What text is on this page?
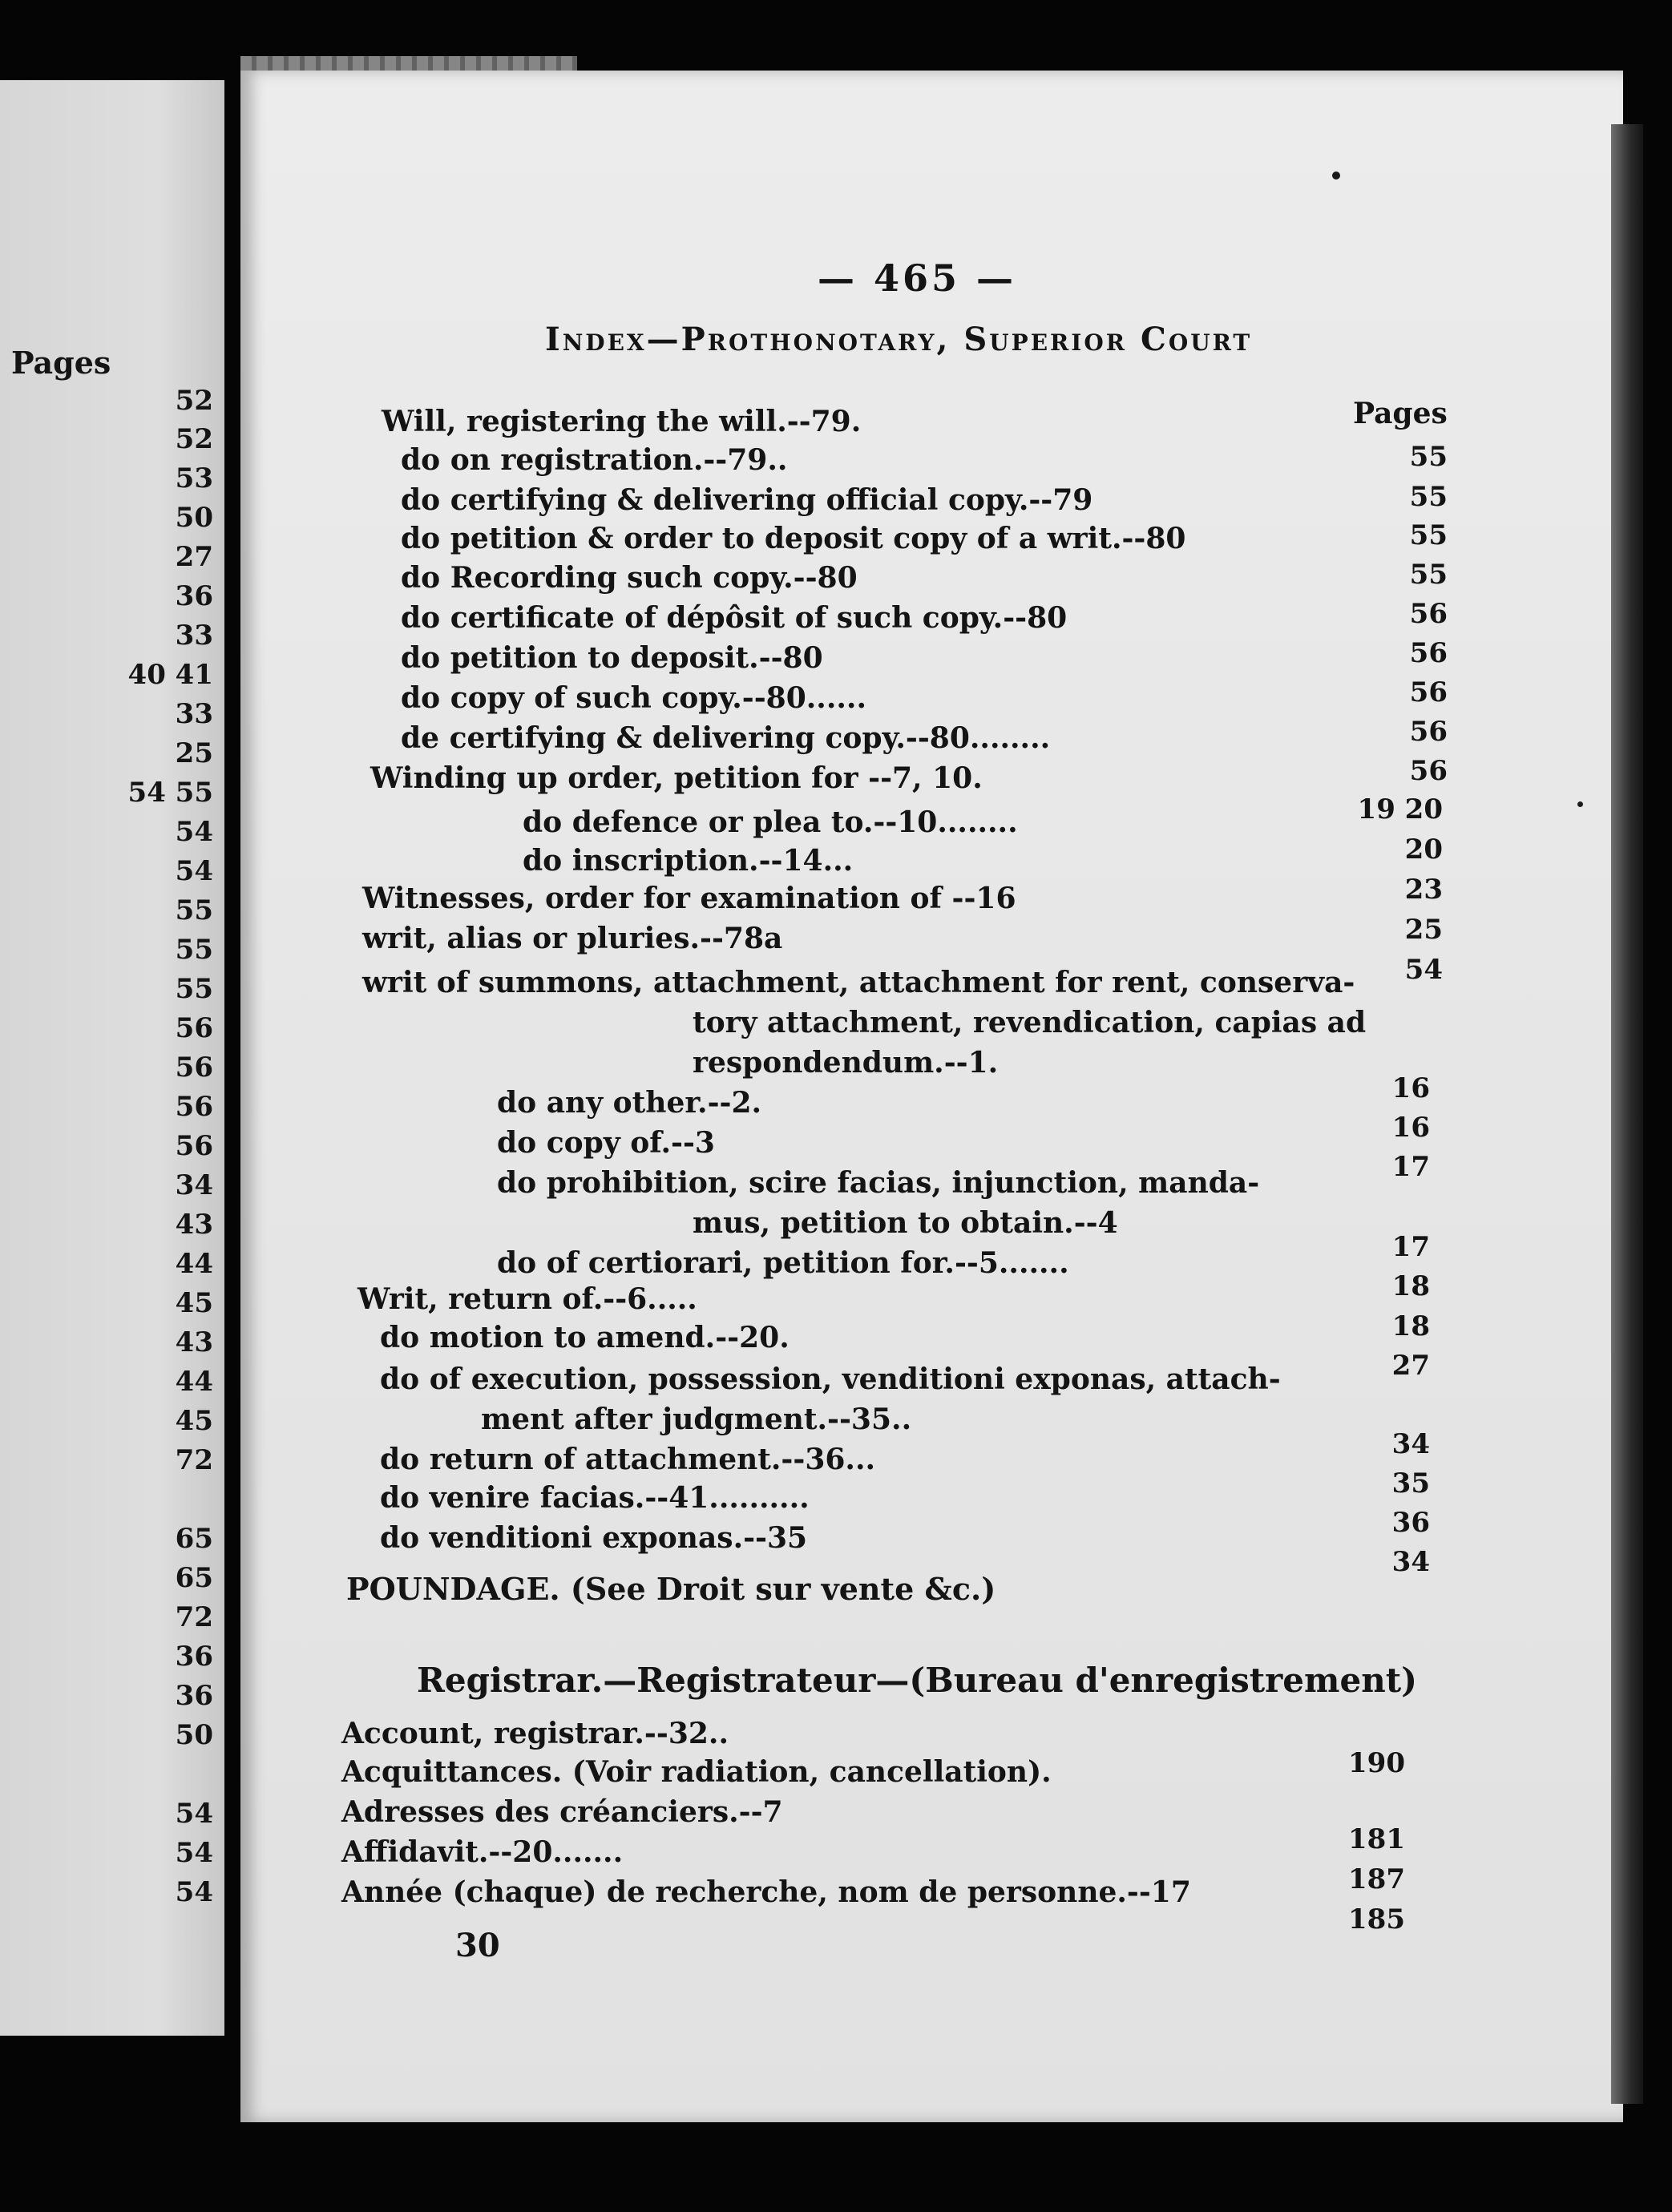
Pages
52
52
53
50
27
36
33
40 41
33
25
54 55
54
54
55
55
55
56
56
56
56
34
43
44
45
43
44
45
72
65
65
72
36
36
50
54
54
54
— 465 —
Index—Prothonotary, Superior Court
Pages
Will, registering the will.--79.
55
do on registration.--79..
55
do certifying & delivering official copy.--79
55
do petition & order to deposit copy of a writ.--80
55
do Recording such copy.--80
56
do certificate of dépôsit of such copy.--80
56
do petition to deposit.--80
56
do copy of such copy.--80......
56
de certifying & delivering copy.--80........
56
Winding up order, petition for --7, 10.
19 20
do defence or plea to.--10........
20
do inscription.--14...
23
Witnesses, order for examination of --16
25
writ, alias or pluries.--78a
54
writ of summons, attachment, attachment for rent, conserva-
tory attachment, revendication, capias ad
respondendum.--1.
16
do any other.--2.
16
do copy of.--3
17
do prohibition, scire facias, injunction, manda-
mus, petition to obtain.--4
17
do of certiorari, petition for.--5.......
18
Writ, return of.--6.....
18
do motion to amend.--20.
27
do of execution, possession, venditioni exponas, attach-
ment after judgment.--35..
34
do return of attachment.--36...
35
do venire facias.--41..........
36
do venditioni exponas.--35
34
POUNDAGE. (See Droit sur vente &c.)
Registrar.—Registrateur—(Bureau d'enregistrement)
Account, registrar.--32..
190
Acquittances. (Voir radiation, cancellation).
Adresses des créanciers.--7
181
Affidavit.--20.......
187
Année (chaque) de recherche, nom de personne.--17
185
30
